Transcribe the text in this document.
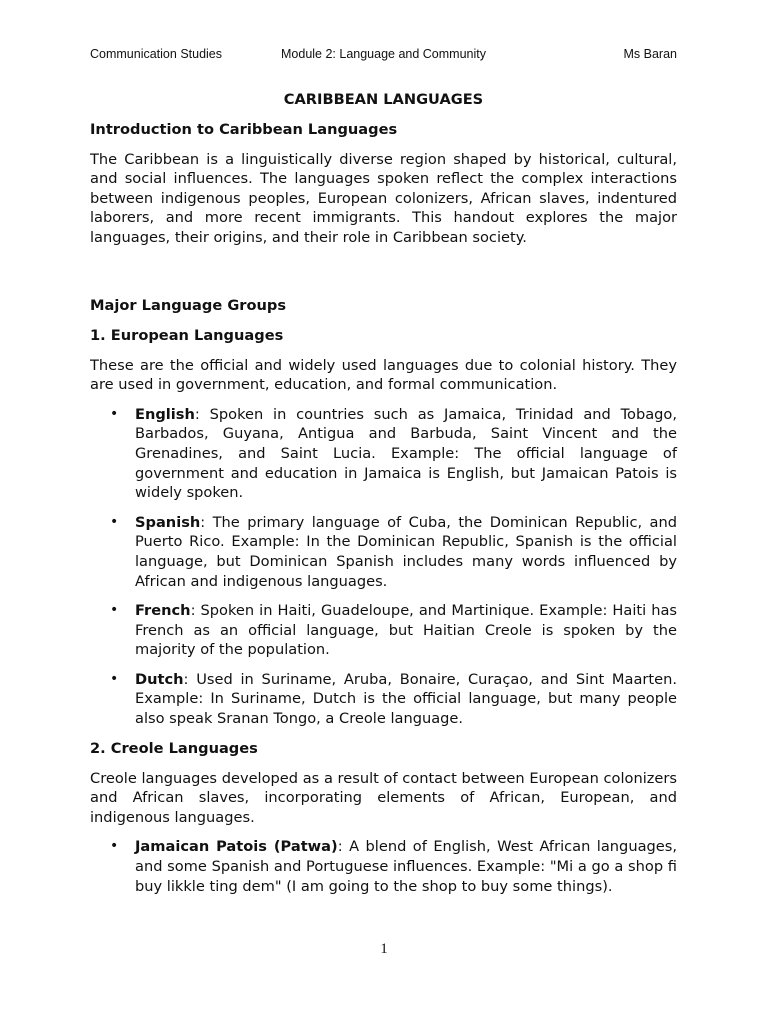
Communication Studies	Module 2: Language and Community	Ms Baran
CARIBBEAN LANGUAGES
Introduction to Caribbean Languages

The Caribbean is a linguistically diverse region shaped by historical, cultural, and social influences. The languages spoken reflect the complex interactions between indigenous peoples, European colonizers, African slaves, indentured laborers, and more recent immigrants. This handout explores the major languages, their origins, and their role in Caribbean society.

Major Language Groups
1. European Languages

These are the official and widely used languages due to colonial history. They are used in government, education, and formal communication.

• English: Spoken in countries such as Jamaica, Trinidad and Tobago, Barbados, Guyana, Antigua and Barbuda, Saint Vincent and the Grenadines, and Saint Lucia. Example: The official language of government and education in Jamaica is English, but Jamaican Patois is widely spoken.
• Spanish: The primary language of Cuba, the Dominican Republic, and Puerto Rico. Example: In the Dominican Republic, Spanish is the official language, but Dominican Spanish includes many words influenced by African and indigenous languages.
• French: Spoken in Haiti, Guadeloupe, and Martinique. Example: Haiti has French as an official language, but Haitian Creole is spoken by the majority of the population.
• Dutch: Used in Suriname, Aruba, Bonaire, Curaçao, and Sint Maarten. Example: In Suriname, Dutch is the official language, but many people also speak Sranan Tongo, a Creole language.
2. Creole Languages

Creole languages developed as a result of contact between European colonizers and African slaves, incorporating elements of African, European, and indigenous languages.

• Jamaican Patois (Patwa): A blend of English, West African languages, and some Spanish and Portuguese influences. Example: "Mi a go a shop fi buy likkle ting dem" (I am going to the shop to buy some things).
1
